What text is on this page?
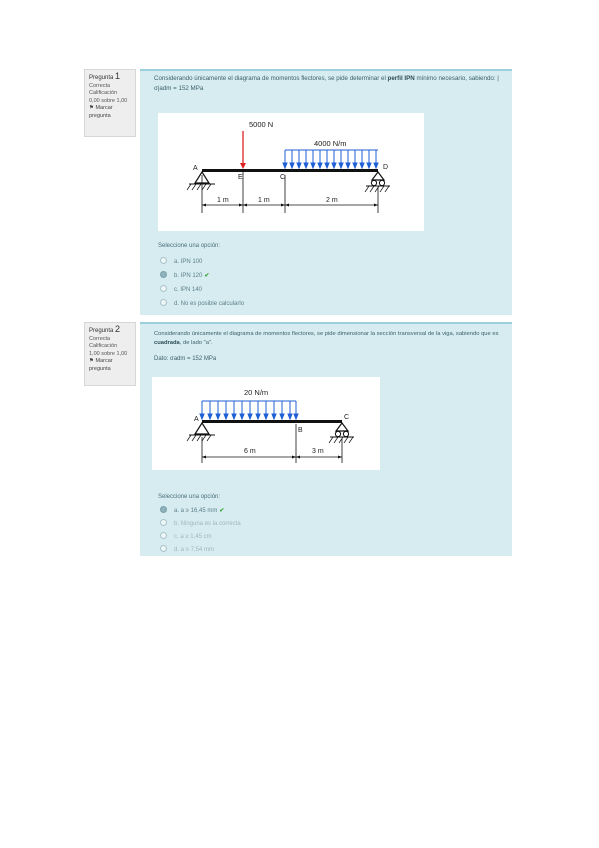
Pregunta 1
Correcta
Calificación
0,00 sobre 1,00
⚑ Marcar pregunta
Considerando únicamente el diagrama de momentos flectores, se pide determinar el perfil IPN mínimo necesario, sabiendo: |σ|adm = 152 MPa
5000 N
4000 N/m
A
E	C
D
1 m	1 m	2 m
Seleccione una opción:
a. IPN 100
b. IPN 120 ✔
c. IPN 140
d. No es posible calcularlo
Pregunta 2
Correcta
Calificación
1,00 sobre 1,00
⚑ Marcar pregunta
Considerando únicamente el diagrama de momentos flectores, se pide dimensionar la sección transversal de la viga, sabiendo que es cuadrada, de lado "a".
Dato: σadm = 152 MPa
20 N/m
A
B
C
6 m	3 m
Seleccione una opción:
a. a ≥ 16,45 mm ✔
b. Ninguna es la correcta
c. a ≥ 1,45 cm
d. a ≥ 7,54 mm
